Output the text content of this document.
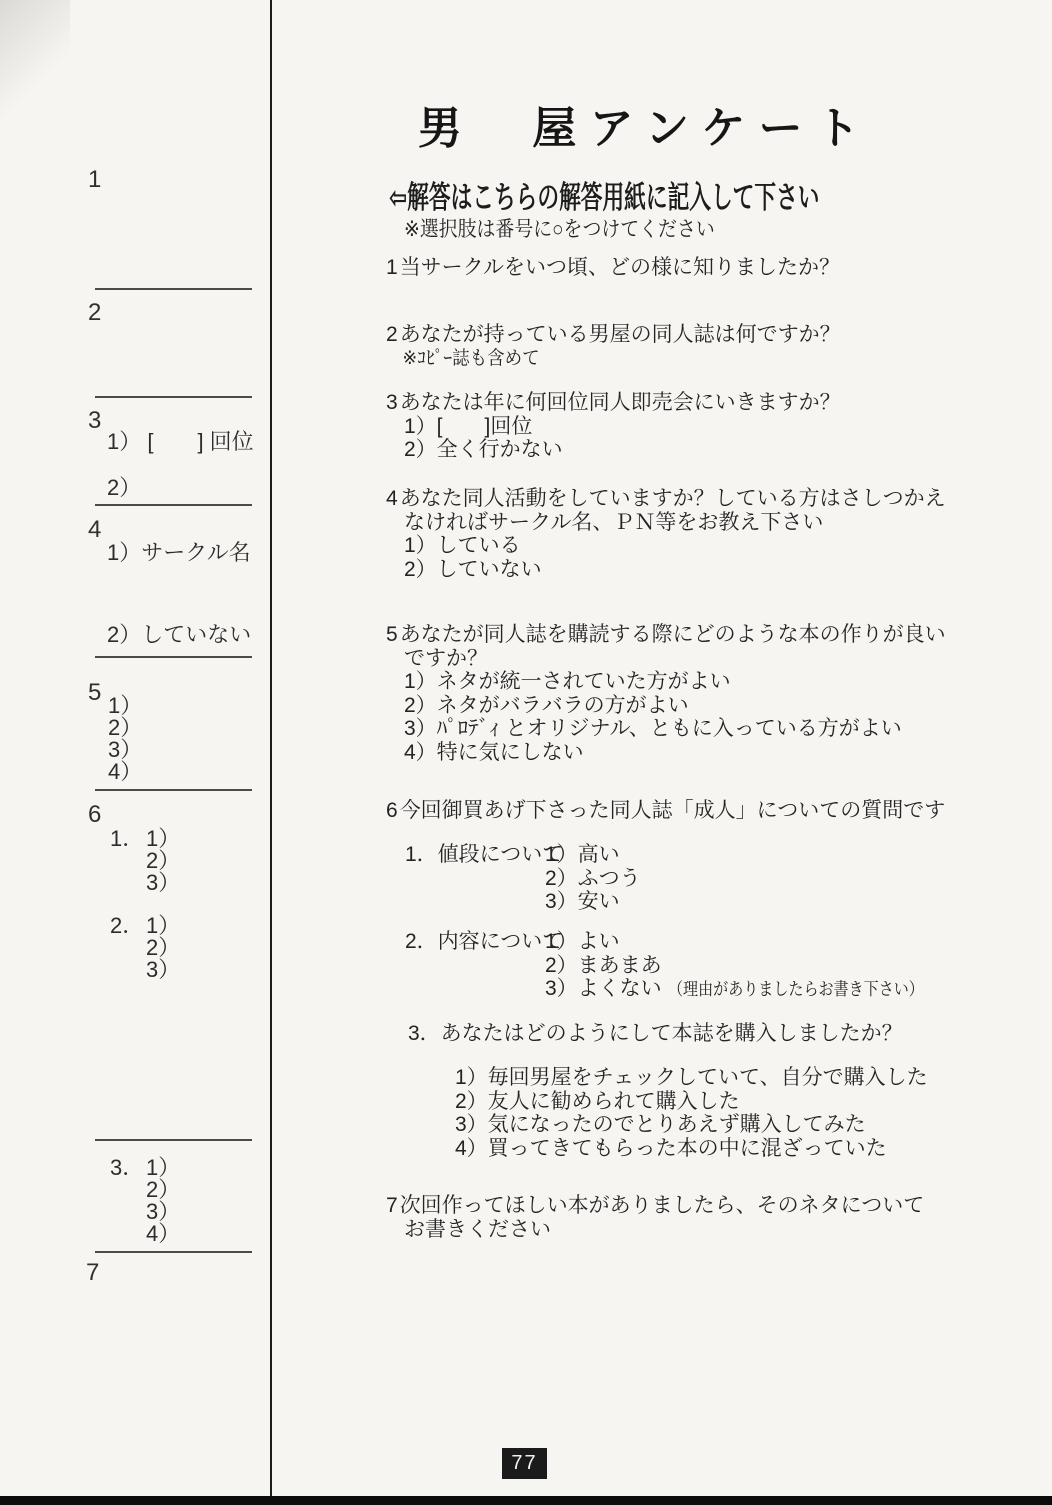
1
2
3
1） [　　] 回位
2）
4
1）サークル名
2）していない
5 1）
2）
3）
4）
6
1． 1）
2）
3）
2． 1）
2）
3）
3． 1）
2）
3）
4）
7
男　屋アンケート
⇦解答はこちらの解答用紙に記入して下さい
※選択肢は番号に○をつけてください
1当サークルをいつ頃、どの様に知りましたか？
2あなたが持っている男屋の同人誌は何ですか？
※ｺﾋﾟｰ誌も含めて
3あなたは年に何回位同人即売会にいきますか？
1）[　　]回位
2）全く行かない
4あなた同人活動をしていますか？している方はさしつかえ
なければサークル名、ＰＮ等をお教え下さい
1）している
2）していない
5あなたが同人誌を購読する際にどのような本の作りが良い
ですか？
1）ネタが統一されていた方がよい
2）ネタがバラバラの方がよい
3）ﾊﾟﾛﾃﾞｨ とオリジナル、ともに入っている方がよい
4）特に気にしない
6今回御買あげ下さった同人誌「成人」についての質問です
1．値段について
1）高い
2）ふつう
3）安い
2．内容について
1）よい
2）まあまあ
3）よくない （理由がありましたらお書き下さい）
3．あなたはどのようにして本誌を購入しましたか？
1）毎回男屋をチェックしていて、自分で購入した
2）友人に勧められて購入した
3）気になったのでとりあえず購入してみた
4）買ってきてもらった本の中に混ざっていた
7次回作ってほしい本がありましたら、そのネタについて
お書きください
77
